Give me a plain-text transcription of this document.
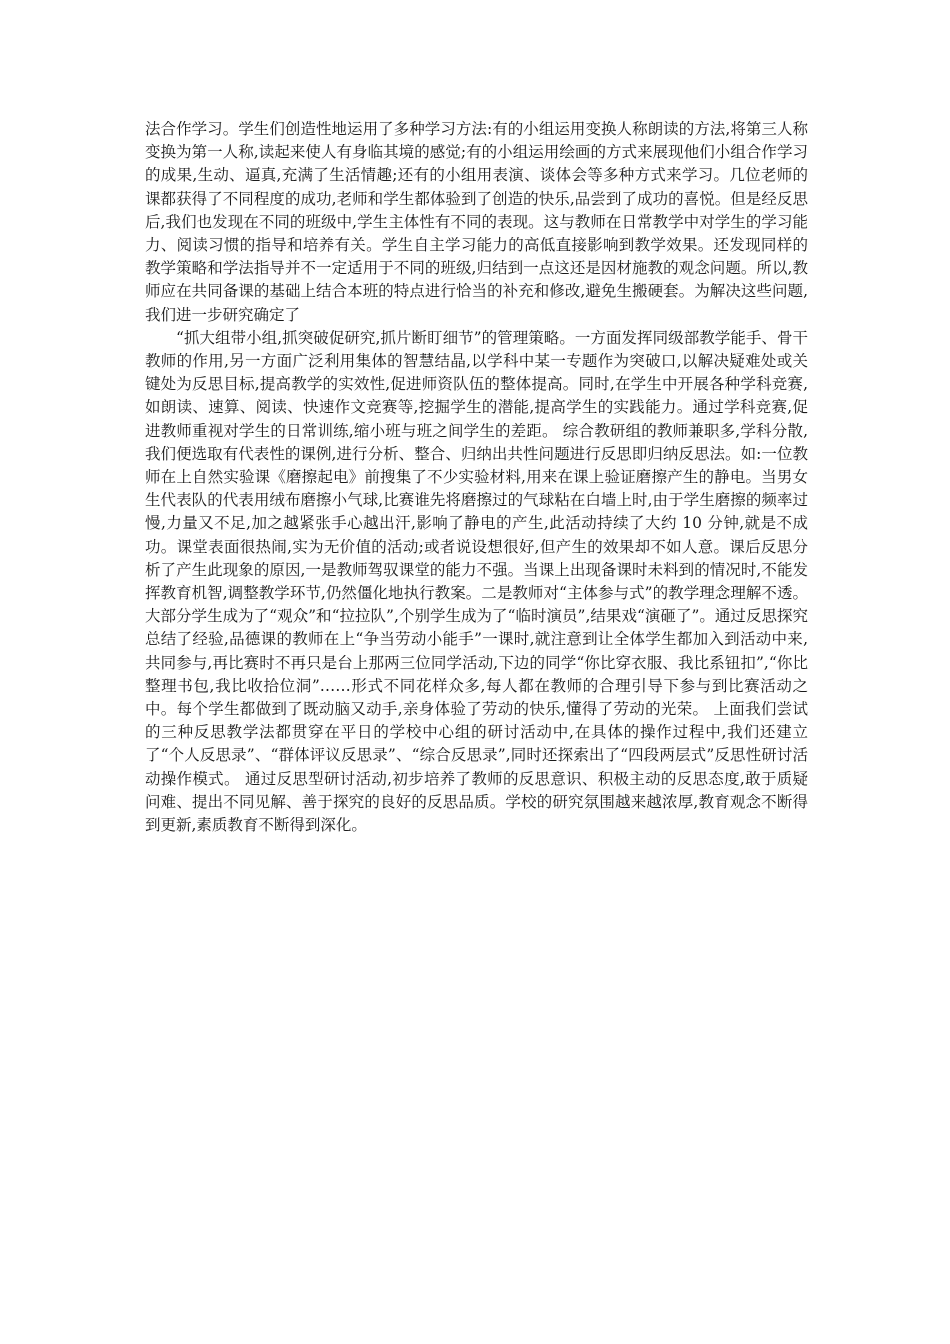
法合作学习。学生们创造性地运用了多种学习方法:有的小组运用变换人称朗读的方法,将第三人称变换为第一人称,读起来使人有身临其境的感觉;有的小组运用绘画的方式来展现他们小组合作学习的成果,生动、逼真,充满了生活情趣;还有的小组用表演、谈体会等多种方式来学习。几位老师的课都获得了不同程度的成功,老师和学生都体验到了创造的快乐,品尝到了成功的喜悦。但是经反思后,我们也发现在不同的班级中,学生主体性有不同的表现。这与教师在日常教学中对学生的学习能力、阅读习惯的指导和培养有关。学生自主学习能力的高低直接影响到教学效果。还发现同样的教学策略和学法指导并不一定适用于不同的班级,归结到一点这还是因材施教的观念问题。所以,教师应在共同备课的基础上结合本班的特点进行恰当的补充和修改,避免生搬硬套。为解决这些问题,我们进一步研究确定了

“抓大组带小组,抓突破促研究,抓片断盯细节”的管理策略。一方面发挥同级部教学能手、骨干教师的作用,另一方面广泛利用集体的智慧结晶,以学科中某一专题作为突破口,以解决疑难处或关键处为反思目标,提高教学的实效性,促进师资队伍的整体提高。同时,在学生中开展各种学科竞赛,如朗读、速算、阅读、快速作文竞赛等,挖掘学生的潜能,提高学生的实践能力。通过学科竞赛,促进教师重视对学生的日常训练,缩小班与班之间学生的差距。 综合教研组的教师兼职多,学科分散,我们便选取有代表性的课例,进行分析、整合、归纳出共性问题进行反思即归纳反思法。如:一位教师在上自然实验课《磨擦起电》前搜集了不少实验材料,用来在课上验证磨擦产生的静电。当男女生代表队的代表用绒布磨擦小气球,比赛谁先将磨擦过的气球粘在白墙上时,由于学生磨擦的频率过慢,力量又不足,加之越紧张手心越出汗,影响了静电的产生,此活动持续了大约 10 分钟,就是不成功。课堂表面很热闹,实为无价值的活动;或者说设想很好,但产生的效果却不如人意。课后反思分析了产生此现象的原因,一是教师驾驭课堂的能力不强。当课上出现备课时未料到的情况时,不能发挥教育机智,调整教学环节,仍然僵化地执行教案。二是教师对“主体参与式”的教学理念理解不透。大部分学生成为了“观众”和“拉拉队”,个别学生成为了“临时演员”,结果戏“演砸了”。通过反思探究总结了经验,品德课的教师在上“争当劳动小能手”一课时,就注意到让全体学生都加入到活动中来,共同参与,再比赛时不再只是台上那两三位同学活动,下边的同学“你比穿衣服、我比系钮扣”,“你比整理书包,我比收拾位洞”……形式不同花样众多,每人都在教师的合理引导下参与到比赛活动之中。每个学生都做到了既动脑又动手,亲身体验了劳动的快乐,懂得了劳动的光荣。 上面我们尝试的三种反思教学法都贯穿在平日的学校中心组的研讨活动中,在具体的操作过程中,我们还建立了“个人反思录”、“群体评议反思录”、“综合反思录”,同时还探索出了“四段两层式”反思性研讨活动操作模式。 通过反思型研讨活动,初步培养了教师的反思意识、积极主动的反思态度,敢于质疑问难、提出不同见解、善于探究的良好的反思品质。学校的研究氛围越来越浓厚,教育观念不断得到更新,素质教育不断得到深化。
